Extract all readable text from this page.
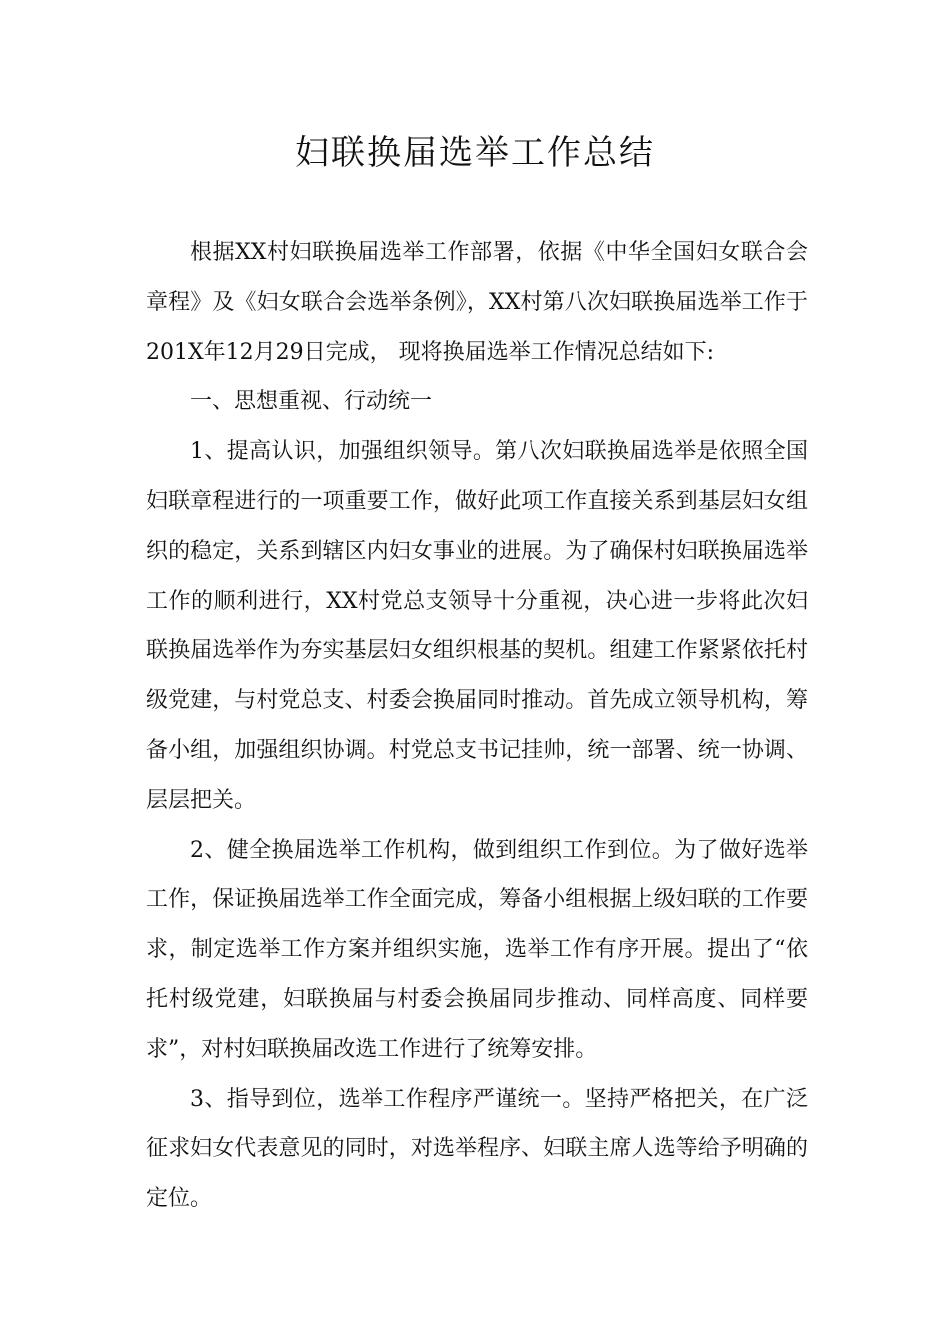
妇联换届选举工作总结

根据XX村妇联换届选举工作部署，依据《中华全国妇女联合会章程》及《妇女联合会选举条例》，XX村第八次妇联换届选举工作于201X年12月29日完成， 现将换届选举工作情况总结如下:

一、思想重视、行动统一

1、提高认识，加强组织领导。第八次妇联换届选举是依照全国妇联章程进行的一项重要工作，做好此项工作直接关系到基层妇女组织的稳定，关系到辖区内妇女事业的进展。为了确保村妇联换届选举工作的顺利进行，XX村党总支领导十分重视，决心进一步将此次妇联换届选举作为夯实基层妇女组织根基的契机。组建工作紧紧依托村级党建，与村党总支、村委会换届同时推动。首先成立领导机构，筹备小组，加强组织协调。村党总支书记挂帅，统一部署、统一协调、层层把关。

2、健全换届选举工作机构，做到组织工作到位。为了做好选举工作，保证换届选举工作全面完成，筹备小组根据上级妇联的工作要求，制定选举工作方案并组织实施，选举工作有序开展。提出了“依托村级党建，妇联换届与村委会换届同步推动、同样高度、同样要求”，对村妇联换届改选工作进行了统筹安排。

3、指导到位，选举工作程序严谨统一。坚持严格把关，在广泛征求妇女代表意见的同时，对选举程序、妇联主席人选等给予明确的定位。
